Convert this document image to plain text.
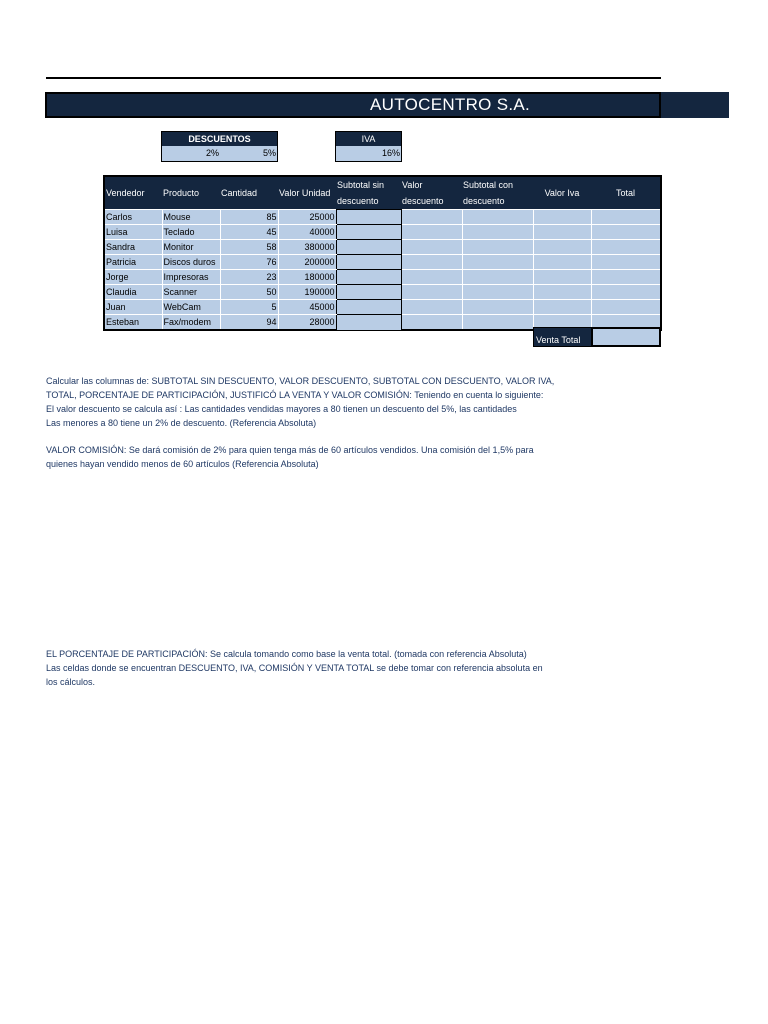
AUTOCENTRO S.A.
DESCUENTOS
2%	5%
IVA
16%
Vendedor	Producto	Cantidad	Valor Unidad	Subtotal sin descuento	Valor descuento	Subtotal con descuento	Valor Iva	Total
Carlos	Mouse	85	25000					
Luisa	Teclado	45	40000					
Sandra	Monitor	58	380000					
Patricia	Discos duros	76	200000					
Jorge	Impresoras	23	180000					
Claudia	Scanner	50	190000					
Juan	WebCam	5	45000					
Esteban	Fax/modem	94	28000					
Venta Total
Calcular las columnas de: SUBTOTAL SIN DESCUENTO, VALOR DESCUENTO, SUBTOTAL CON DESCUENTO, VALOR IVA,
TOTAL, PORCENTAJE DE PARTICIPACIÓN, JUSTIFICÓ LA VENTA Y VALOR COMISIÓN: Teniendo en cuenta lo siguiente:
El valor descuento se calcula así : Las cantidades vendidas mayores a 80 tienen un descuento del 5%, las cantidades
Las menores a 80 tiene un 2% de descuento. (Referencia Absoluta)
VALOR COMISIÓN: Se dará comisión de 2% para quien tenga más de 60 artículos vendidos. Una comisión del 1,5% para
quienes hayan vendido menos de 60 artículos (Referencia Absoluta)
EL PORCENTAJE DE PARTICIPACIÓN: Se calcula tomando como base la venta total. (tomada con referencia Absoluta)
Las celdas donde se encuentran DESCUENTO, IVA, COMISIÓN Y VENTA TOTAL se debe tomar con referencia absoluta en
los cálculos.
